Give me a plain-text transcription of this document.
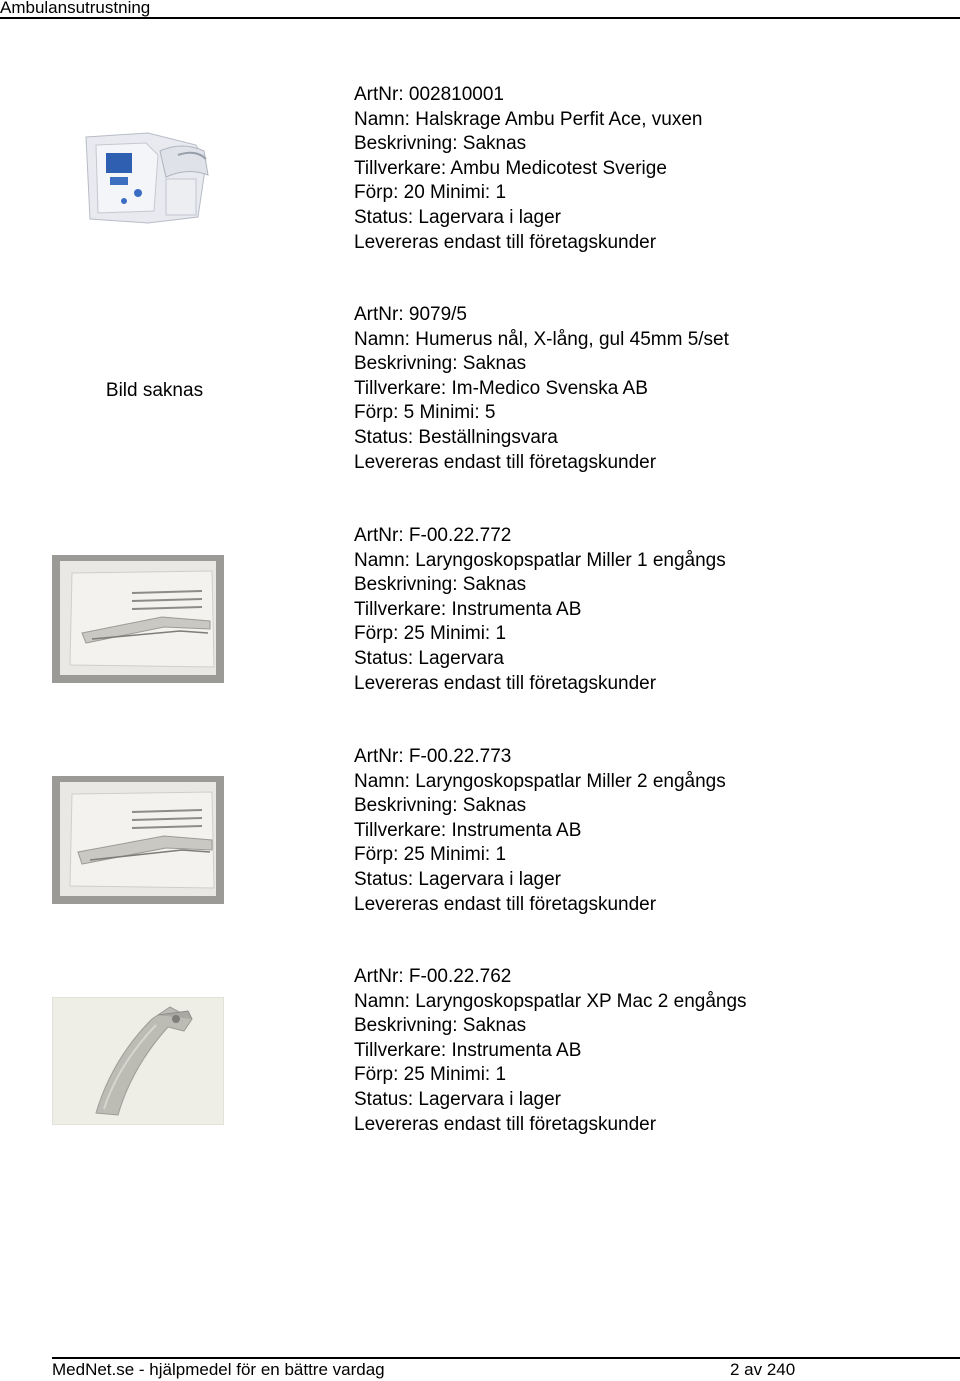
Ambulansutrustning
ArtNr: 002810001
Namn: Halskrage Ambu Perfit Ace, vuxen
Beskrivning: Saknas
Tillverkare: Ambu Medicotest Sverige
Förp: 20 Minimi: 1
Status: Lagervara i lager
Levereras endast till företagskunder
Bild saknas
ArtNr: 9079/5
Namn: Humerus nål, X-lång, gul 45mm 5/set
Beskrivning: Saknas
Tillverkare: Im-Medico Svenska AB
Förp: 5 Minimi: 5
Status: Beställningsvara
Levereras endast till företagskunder
ArtNr: F-00.22.772
Namn: Laryngoskopspatlar Miller 1 engångs
Beskrivning: Saknas
Tillverkare: Instrumenta AB
Förp: 25 Minimi: 1
Status: Lagervara
Levereras endast till företagskunder
ArtNr: F-00.22.773
Namn: Laryngoskopspatlar Miller 2 engångs
Beskrivning: Saknas
Tillverkare: Instrumenta AB
Förp: 25 Minimi: 1
Status: Lagervara i lager
Levereras endast till företagskunder
ArtNr: F-00.22.762
Namn: Laryngoskopspatlar XP Mac 2 engångs
Beskrivning: Saknas
Tillverkare: Instrumenta AB
Förp: 25 Minimi: 1
Status: Lagervara i lager
Levereras endast till företagskunder
MedNet.se - hjälpmedel för en bättre vardag	2 av 240
